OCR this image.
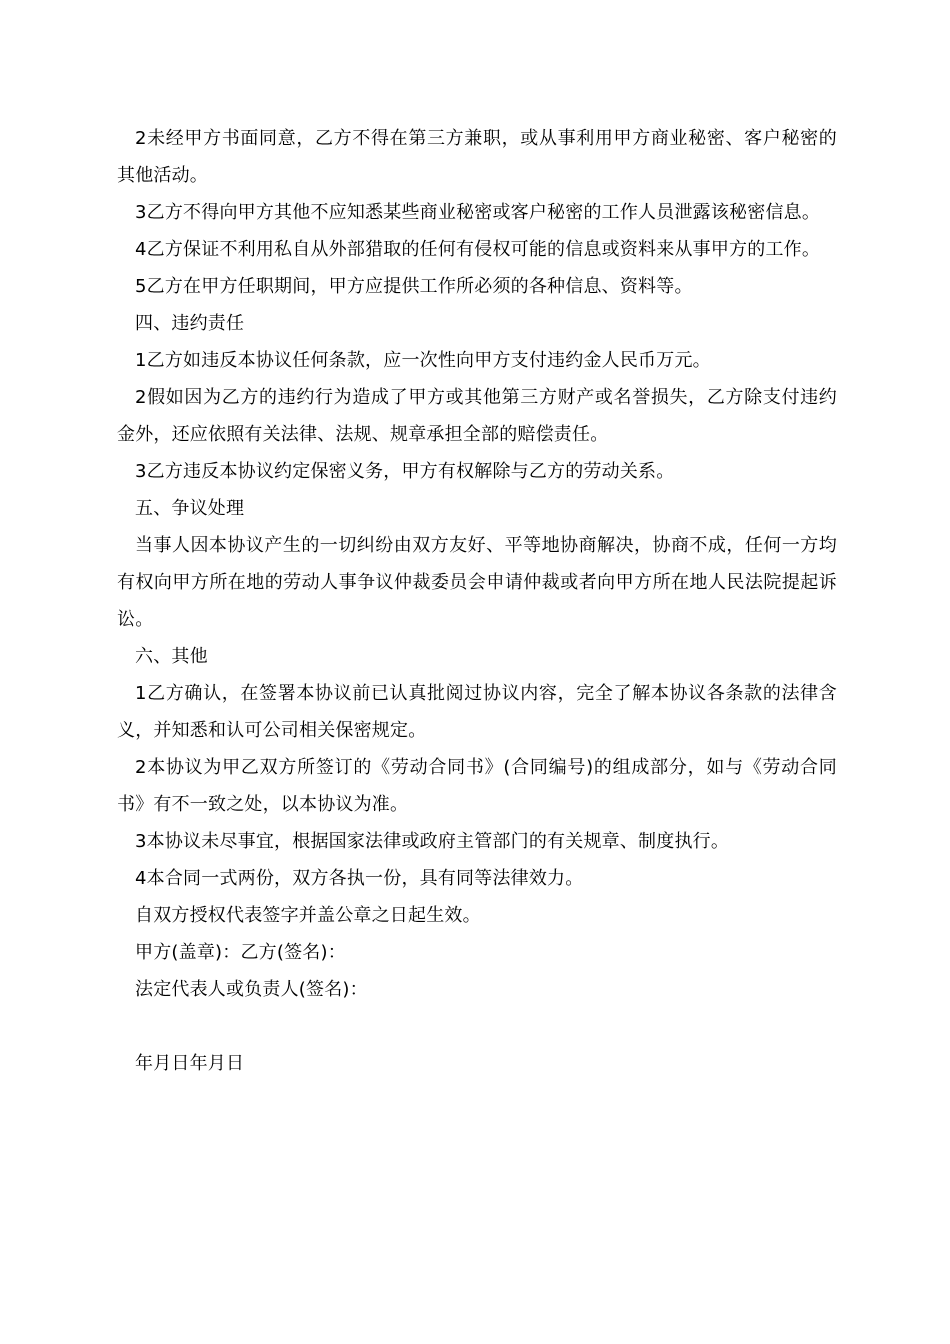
2未经甲方书面同意，乙方不得在第三方兼职，或从事利用甲方商业秘密、客户秘密的其他活动。

3乙方不得向甲方其他不应知悉某些商业秘密或客户秘密的工作人员泄露该秘密信息。

4乙方保证不利用私自从外部猎取的任何有侵权可能的信息或资料来从事甲方的工作。

5乙方在甲方任职期间，甲方应提供工作所必须的各种信息、资料等。

四、违约责任

1乙方如违反本协议任何条款，应一次性向甲方支付违约金人民币万元。

2假如因为乙方的违约行为造成了甲方或其他第三方财产或名誉损失，乙方除支付违约金外，还应依照有关法律、法规、规章承担全部的赔偿责任。

3乙方违反本协议约定保密义务，甲方有权解除与乙方的劳动关系。

五、争议处理

当事人因本协议产生的一切纠纷由双方友好、平等地协商解决，协商不成，任何一方均有权向甲方所在地的劳动人事争议仲裁委员会申请仲裁或者向甲方所在地人民法院提起诉讼。

六、其他

1乙方确认，在签署本协议前已认真批阅过协议内容，完全了解本协议各条款的法律含义，并知悉和认可公司相关保密规定。

2本协议为甲乙双方所签订的《劳动合同书》(合同编号)的组成部分，如与《劳动合同书》有不一致之处，以本协议为准。

3本协议未尽事宜，根据国家法律或政府主管部门的有关规章、制度执行。

4本合同一式两份，双方各执一份，具有同等法律效力。

自双方授权代表签字并盖公章之日起生效。

甲方(盖章)：乙方(签名)：

法定代表人或负责人(签名)：

年月日年月日
